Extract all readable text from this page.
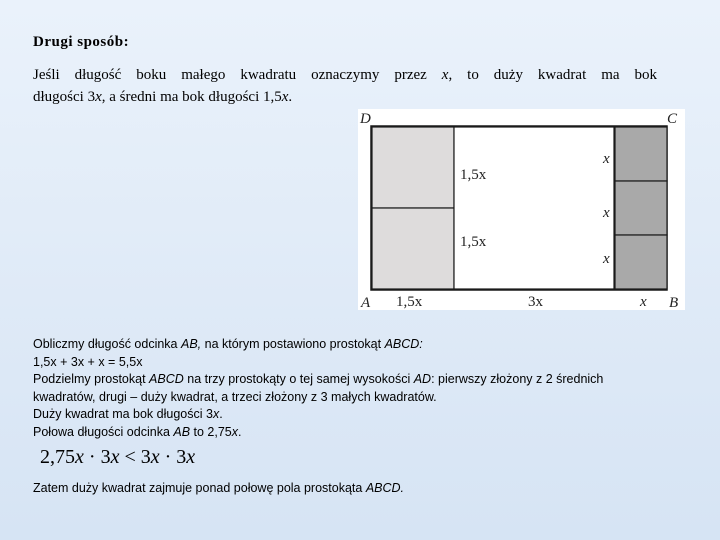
Drugi sposób:

Jeśli długość boku małego kwadratu oznaczymy przez x, to duży kwadrat ma bok
długości 3x, a średni ma bok długości 1,5x.

D	C
A	B
1,5x
1,5x
x
x
x
1,5x	3x	x

Obliczmy długość odcinka AB, na którym postawiono prostokąt ABCD:
1,5x + 3x + x = 5,5x
Podzielmy prostokąt ABCD na trzy prostokąty o tej samej wysokości AD: pierwszy złożony z 2 średnich
kwadratów, drugi – duży kwadrat, a trzeci złożony z 3 małych kwadratów.
Duży kwadrat ma bok długości 3x.
Połowa długości odcinka AB to 2,75x.

2,75x · 3x < 3x · 3x

Zatem duży kwadrat zajmuje ponad połowę pola prostokąta ABCD.
